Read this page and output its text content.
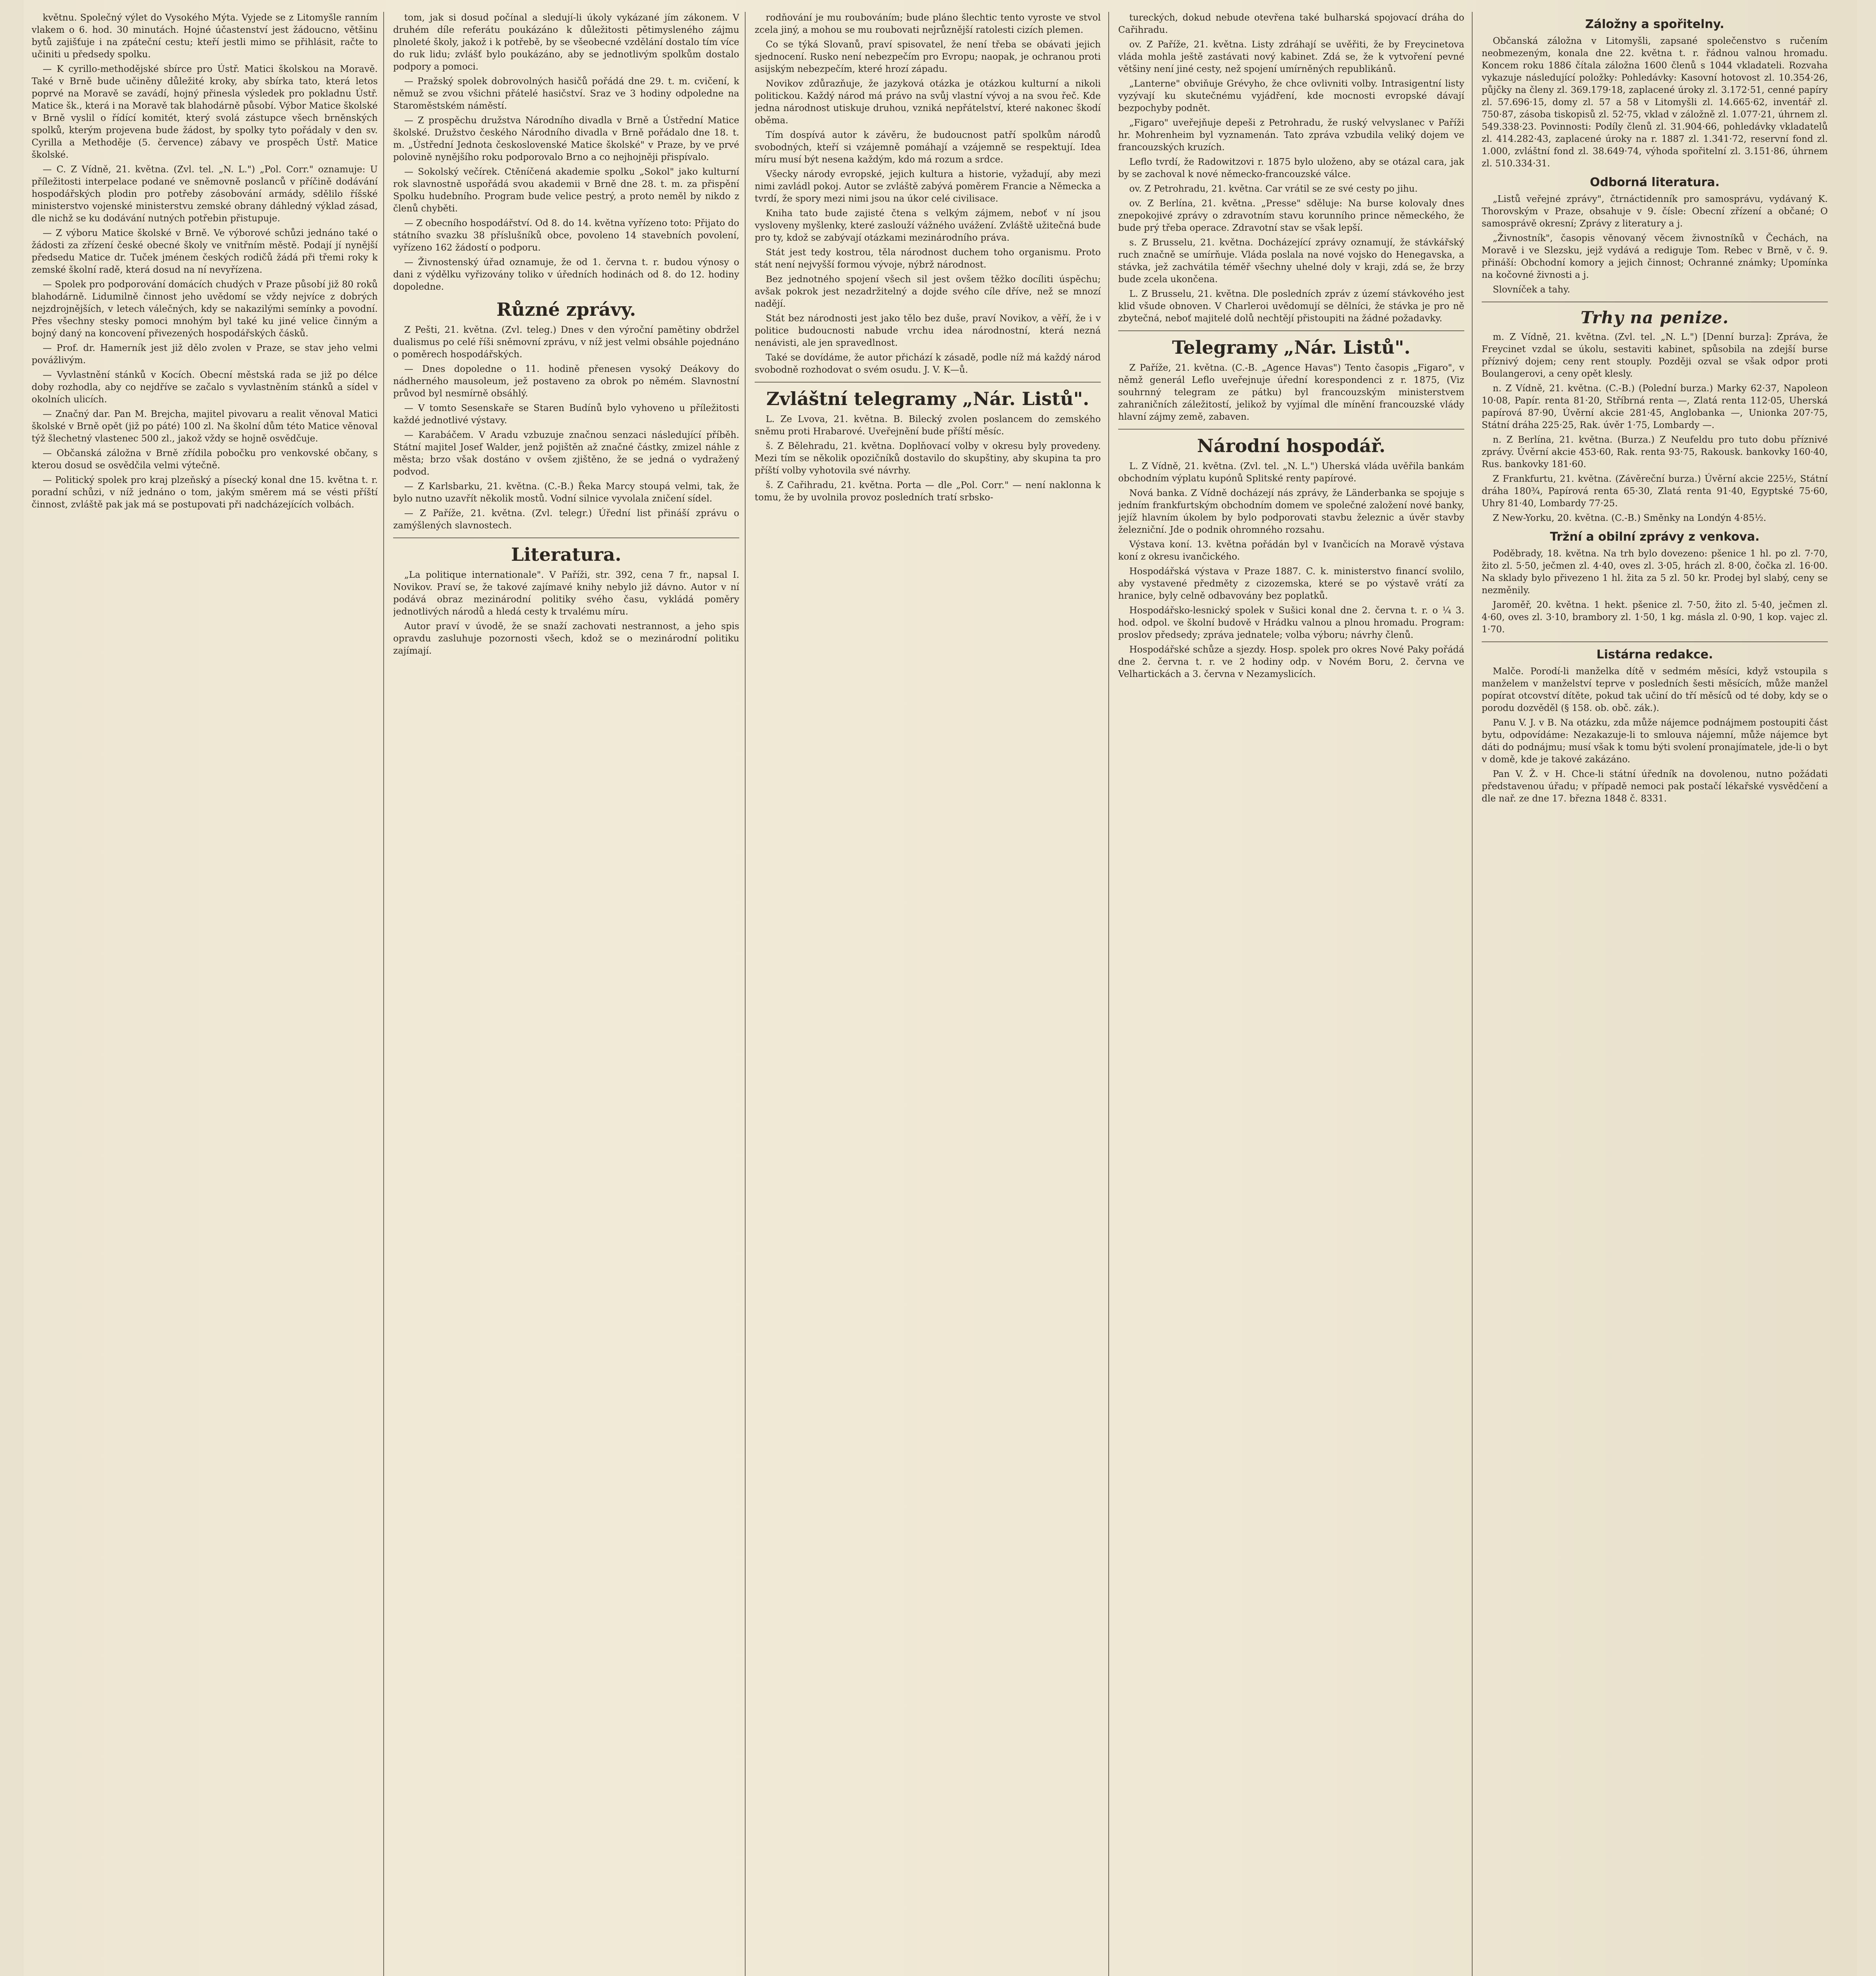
květnu. Společný výlet do Vysokého Mýta. Vyjede se z Litomyšle ranním vlakem o 6. hod. 30 minutách. Hojné účastenství jest žádoucno, většinu bytů zajišťuje i na zpáteční cestu; kteří jestli mimo se přihlásit, račte to učiniti u předsedy spolku.

— K cyrillo-methodějské sbírce pro Ústř. Matici školskou na Moravě. Také v Brně bude učiněny důležité kroky, aby sbírka tato, která letos poprvé na Moravě se zavádí, hojný přinesla výsledek pro pokladnu Ústř. Matice šk., která i na Moravě tak blahodárně působí. Výbor Matice školské v Brně vyslil o řídící komitét, který svolá zástupce všech brněnských spolků, kterým projevena bude žádost, by spolky tyto pořádaly v den sv. Cyrilla a Methoděje (5. července) zábavy ve prospěch Ústř. Matice školské.

— C. Z Vídně, 21. května. (Zvl. tel. „N. L.") „Pol. Corr." oznamuje: U příležitosti interpelace podané ve sněmovně poslanců v příčině dodávání hospodářských plodin pro potřeby zásobování armády, sdělilo říšské ministerstvo vojenské ministerstvu zemské obrany dáhledný výklad zásad, dle nichž se ku dodávání nutných potřebin přistupuje.

— Z výboru Matice školské v Brně. Ve výborové schůzi jednáno také o žádosti za zřízení české obecné školy ve vnitřním městě. Podají jí nynější předsedu Matice dr. Tuček jménem českých rodičů žádá při třemi roky k zemské školní radě, která dosud na ní nevyřízena.

— Spolek pro podporování domácích chudých v Praze působí již 80 roků blahodárně. Lidumilně činnost jeho uvědomí se vždy nejvíce z dobrých nejzdrojnějších, v letech válečných, kdy se nakazilými semínky a povodní. Přes všechny stesky pomoci mnohým byl také ku jiné velice činným a bojný daný na koncovení přivezených hospodářských čásků.

— Prof. dr. Hamerník jest již dělo zvolen v Praze, se stav jeho velmi povážlivým.

— Vyvlastnění stánků v Kocích. Obecní městská rada se již po délce doby rozhodla, aby co nejdříve se začalo s vyvlastněním stánků a sídel v okolních ulicích.

— Značný dar. Pan M. Brejcha, majitel pivovaru a realit věnoval Matici školské v Brně opět (již po páté) 100 zl. Na školní dům této Matice věnoval týž šlechetný vlastenec 500 zl., jakož vždy se hojně osvědčuje.

— Občanská záložna v Brně zřídila pobočku pro venkovské občany, s kterou dosud se osvědčila velmi výtečně.

— Politický spolek pro kraj plzeňský a písecký konal dne 15. května t. r. poradní schůzi, v níž jednáno o tom, jakým směrem má se vésti příští činnost, zvláště pak jak má se postupovati při nadcházejících volbách.

tom, jak si dosud počínal a sledují-li úkoly vykázané jím zákonem. V druhém díle referátu poukázáno k důležitosti pětimysleného zájmu plnoleté školy, jakož i k potřebě, by se všeobecné vzdělání dostalo tím více do ruk lidu; zvlášť bylo poukázáno, aby se jednotlivým spolkům dostalo podpory a pomoci.

— Pražský spolek dobrovolných hasičů pořádá dne 29. t. m. cvičení, k němuž se zvou všichni přátelé hasičství. Sraz ve 3 hodiny odpoledne na Staroměstském náměstí.

— Z prospěchu družstva Národního divadla v Brně a Ústřední Matice školské. Družstvo českého Národního divadla v Brně pořádalo dne 18. t. m. „Ústřední Jednota československé Matice školské" v Praze, by ve prvé polovině nynějšího roku podporovalo Brno a co nejhojněji přispívalo.

— Sokolský večírek. Ctěníčená akademie spolku „Sokol" jako kulturní rok slavnostně uspořádá svou akademii v Brně dne 28. t. m. za přispění Spolku hudebního. Program bude velice pestrý, a proto neměl by nikdo z členů chyběti.

— Z obecního hospodářství. Od 8. do 14. května vyřízeno toto: Přijato do státního svazku 38 příslušníků obce, povoleno 14 stavebních povolení, vyřízeno 162 žádostí o podporu.

— Živnostenský úřad oznamuje, že od 1. června t. r. budou výnosy o dani z výdělku vyřizovány toliko v úředních hodinách od 8. do 12. hodiny dopoledne.

Různé zprávy.

Z Pešti, 21. května. (Zvl. teleg.) Dnes v den výroční pamětiny obdržel dualismus po celé říši sněmovní zprávu, v níž jest velmi obsáhle pojednáno o poměrech hospodářských.

— Dnes dopoledne o 11. hodině přenesen vysoký Deákovy do nádherného mausoleum, jež postaveno za obrok po němém. Slavnostní průvod byl nesmírně obsáhlý.

— V tomto Sesenskaře se Staren Budínů bylo vyhoveno u příležitosti každé jednotlivé výstavy.

— Karabáčem. V Aradu vzbuzuje značnou senzaci následující příběh. Státní majitel Josef Walder, jenž pojištěn až značné částky, zmizel náhle z města; brzo však dostáno v ovšem zjištěno, že se jedná o vydražený podvod.

— Z Karlsbarku, 21. května. (C.-B.) Řeka Marcy stoupá velmi, tak, že bylo nutno uzavřít několik mostů. Vodní silnice vyvolala zničení sídel.

— Z Paříže, 21. května. (Zvl. telegr.) Úřední list přináší zprávu o zamýšlených slavnostech.

Literatura.

„La politique internationale". V Paříži, str. 392, cena 7 fr., napsal I. Novikov. Praví se, že takové zajímavé knihy nebylo již dávno. Autor v ní podává obraz mezinárodní politiky svého času, vykládá poměry jednotlivých národů a hledá cesty k trvalému míru.

Autor praví v úvodě, že se snaží zachovati nestrannost, a jeho spis opravdu zasluhuje pozornosti všech, kdož se o mezinárodní politiku zajímají.

rodňování je mu roubováním; bude pláno šlechtic tento vyroste ve stvol zcela jiný, a mohou se mu roubovati nejrůznější ratolesti cizích plemen.

Co se týká Slovanů, praví spisovatel, že není třeba se obávati jejich sjednocení. Rusko není nebezpečím pro Evropu; naopak, je ochranou proti asijským nebezpečím, které hrozí západu.

Novikov zdůrazňuje, že jazyková otázka je otázkou kulturní a nikoli politickou. Každý národ má právo na svůj vlastní vývoj a na svou řeč. Kde jedna národnost utiskuje druhou, vzniká nepřátelství, které nakonec škodí oběma.

Tím dospívá autor k závěru, že budoucnost patří spolkům národů svobodných, kteří si vzájemně pomáhají a vzájemně se respektují. Idea míru musí být nesena každým, kdo má rozum a srdce.

Všecky národy evropské, jejich kultura a historie, vyžadují, aby mezi nimi zavládl pokoj. Autor se zvláště zabývá poměrem Francie a Německa a tvrdí, že spory mezi nimi jsou na úkor celé civilisace.

Kniha tato bude zajisté čtena s velkým zájmem, neboť v ní jsou vysloveny myšlenky, které zaslouží vážného uvážení. Zvláště užitečná bude pro ty, kdož se zabývají otázkami mezinárodního práva.

Stát jest tedy kostrou, těla národnost duchem toho organismu. Proto stát není nejvyšší formou vývoje, nýbrž národnost.

Bez jednotného spojení všech sil jest ovšem těžko docíliti úspěchu; avšak pokrok jest nezadržitelný a dojde svého cíle dříve, než se mnozí nadějí.

Stát bez národnosti jest jako tělo bez duše, praví Novikov, a věří, že i v politice budoucnosti nabude vrchu idea národnostní, která nezná nenávisti, ale jen spravedlnost.

Také se dovídáme, že autor přichází k zásadě, podle níž má každý národ svobodně rozhodovat o svém osudu. J. V. K—ů.

Zvláštní telegramy „Nár. Listů".

L. Ze Lvova, 21. května. B. Bilecký zvolen poslancem do zemského sněmu proti Hrabarové. Uveřejnění bude příští měsíc.

š. Z Bělehradu, 21. května. Doplňovací volby v okresu byly provedeny. Mezi tím se několik opozičníků dostavilo do skupštiny, aby skupina ta pro příští volby vyhotovila své návrhy.

š. Z Cařihradu, 21. května. Porta — dle „Pol. Corr." — není naklonna k tomu, že by uvolnila provoz posledních tratí srbsko-

tureckých, dokud nebude otevřena také bulharská spojovací dráha do Cařihradu.

ov. Z Paříže, 21. května. Listy zdráhají se uvěřiti, že by Freycinetova vláda mohla ještě zastávati nový kabinet. Zdá se, že k vytvoření pevné většiny není jiné cesty, než spojení umírněných republikánů.

„Lanterne" obviňuje Grévyho, že chce ovlivniti volby. Intrasigentní listy vyzývají ku skutečnému vyjádření, kde mocnosti evropské dávají bezpochyby podnět.

„Figaro" uveřejňuje depeši z Petrohradu, že ruský velvyslanec v Paříži hr. Mohrenheim byl vyznamenán. Tato zpráva vzbudila veliký dojem ve francouzských kruzích.

Leflo tvrdí, že Radowitzovi r. 1875 bylo uloženo, aby se otázal cara, jak by se zachoval k nové německo-francouzské válce.

ov. Z Petrohradu, 21. května. Car vrátil se ze své cesty po jihu.

ov. Z Berlína, 21. května. „Presse" sděluje: Na burse kolovaly dnes znepokojivé zprávy o zdravotním stavu korunního prince německého, že bude prý třeba operace. Zdravotní stav se však lepší.

s. Z Brusselu, 21. května. Docházející zprávy oznamují, že stávkářský ruch značně se umírňuje. Vláda poslala na nové vojsko do Henegavska, a stávka, jež zachvátila téměř všechny uhelné doly v kraji, zdá se, že brzy bude zcela ukončena.

L. Z Brusselu, 21. května. Dle posledních zpráv z území stávkového jest klid všude obnoven. V Charleroi uvědomují se dělníci, že stávka je pro ně zbytečná, neboť majitelé dolů nechtějí přistoupiti na žádné požadavky.

Telegramy „Nár. Listů".

Z Paříže, 21. května. (C.-B. „Agence Havas") Tento časopis „Figaro", v němž generál Leflo uveřejnuje úřední korespondenci z r. 1875, (Viz souhrnný telegram ze pátku) byl francouzským ministerstvem zahraničních záležitostí, jelikož by vyjímal dle mínění francouzské vlády hlavní zájmy země, zabaven.

Národní hospodář.

L. Z Vídně, 21. května. (Zvl. tel. „N. L.") Uherská vláda uvěřila bankám obchodním výplatu kupónů Splitské renty papírové.

Nová banka. Z Vídně docházejí nás zprávy, že Länderbanka se spojuje s jedním frankfurtským obchodním domem ve společné založení nové banky, jejíž hlavním úkolem by bylo podporovati stavbu železnic a úvěr stavby železniční. Jde o podnik ohromného rozsahu.

Výstava koní. 13. května pořádán byl v Ivančicích na Moravě výstava koní z okresu ivančického.

Hospodářská výstava v Praze 1887. C. k. ministerstvo financí svolilo, aby vystavené předměty z cizozemska, které se po výstavě vrátí za hranice, byly celně odbavovány bez poplatků.

Hospodářsko-lesnický spolek v Sušici konal dne 2. června t. r. o ¼ 3. hod. odpol. ve školní budově v Hrádku valnou a plnou hromadu. Program: proslov předsedy; zpráva jednatele; volba výboru; návrhy členů.

Hospodářské schůze a sjezdy. Hosp. spolek pro okres Nové Paky pořádá dne 2. června t. r. ve 2 hodiny odp. v Novém Boru, 2. června ve Velhartickách a 3. června v Nezamyslicích.

Záložny a spořitelny.

Občanská záložna v Litomyšli, zapsané společenstvo s ručením neobmezeným, konala dne 22. května t. r. řádnou valnou hromadu. Koncem roku 1886 čítala záložna 1600 členů s 1044 vkladateli. Rozvaha vykazuje následující položky: Pohledávky: Kasovní hotovost zl. 10.354·26, půjčky na členy zl. 369.179·18, zaplacené úroky zl. 3.172·51, cenné papíry zl. 57.696·15, domy zl. 57 a 58 v Litomyšli zl. 14.665·62, inventář zl. 750·87, zásoba tiskopisů zl. 52·75, vklad v záložně zl. 1.077·21, úhrnem zl. 549.338·23. Povinnosti: Podíly členů zl. 31.904·66, pohledávky vkladatelů zl. 414.282·43, zaplacené úroky na r. 1887 zl. 1.341·72, reservní fond zl. 1.000, zvláštní fond zl. 38.649·74, výhoda spořitelní zl. 3.151·86, úhrnem zl. 510.334·31.

Odborná literatura.

„Listů veřejné zprávy", čtrnáctidenník pro samosprávu, vydávaný K. Thorovským v Praze, obsahuje v 9. čísle: Obecní zřízení a občané; O samosprávě okresní; Zprávy z literatury a j.

„Živnostník", časopis věnovaný věcem živnostníků v Čechách, na Moravě i ve Slezsku, jejž vydává a rediguje Tom. Rebec v Brně, v č. 9. přináší: Obchodní komory a jejich činnost; Ochranné známky; Upomínka na kočovné živnosti a j.

Slovníček a tahy.

Trhy na penize.

m. Z Vídně, 21. května. (Zvl. tel. „N. L.") [Denní burza]: Zpráva, že Freycinet vzdal se úkolu, sestaviti kabinet, spůsobila na zdejší burse příznivý dojem; ceny rent stouply. Později ozval se však odpor proti Boulangerovi, a ceny opět klesly.

n. Z Vídně, 21. května. (C.-B.) (Polední burza.) Marky 62·37, Napoleon 10·08, Papír. renta 81·20, Stříbrná renta —, Zlatá renta 112·05, Uherská papírová 87·90, Úvěrní akcie 281·45, Anglobanka —, Unionka 207·75, Státní dráha 225·25, Rak. úvěr 1·75, Lombardy —.

n. Z Berlína, 21. května. (Burza.) Z Neufeldu pro tuto dobu příznivé zprávy. Úvěrní akcie 453·60, Rak. renta 93·75, Rakousk. bankovky 160·40, Rus. bankovky 181·60.

Z Frankfurtu, 21. května. (Závěreční burza.) Úvěrní akcie 225½, Státní dráha 180¾, Papírová renta 65·30, Zlatá renta 91·40, Egyptské 75·60, Uhry 81·40, Lombardy 77·25.

Z New-Yorku, 20. května. (C.-B.) Směnky na Londýn 4·85½.

Tržní a obilní zprávy z venkova.

Poděbrady, 18. května. Na trh bylo dovezeno: pšenice 1 hl. po zl. 7·70, žito zl. 5·50, ječmen zl. 4·40, oves zl. 3·05, hrách zl. 8·00, čočka zl. 16·00. Na sklady bylo přivezeno 1 hl. žita za 5 zl. 50 kr. Prodej byl slabý, ceny se nezměnily.

Jaroměř, 20. května. 1 hekt. pšenice zl. 7·50, žito zl. 5·40, ječmen zl. 4·60, oves zl. 3·10, brambory zl. 1·50, 1 kg. másla zl. 0·90, 1 kop. vajec zl. 1·70.

Listárna redakce.

Malče. Porodí-li manželka dítě v sedmém měsíci, když vstoupila s manželem v manželství teprve v posledních šesti měsících, může manžel popírat otcovství dítěte, pokud tak učiní do tří měsíců od té doby, kdy se o porodu dozvěděl (§ 158. ob. obč. zák.).

Panu V. J. v B. Na otázku, zda může nájemce podnájmem postoupiti část bytu, odpovídáme: Nezakazuje-li to smlouva nájemní, může nájemce byt dáti do podnájmu; musí však k tomu býti svolení pronajímatele, jde-li o byt v domě, kde je takové zakázáno.

Pan V. Ž. v H. Chce-li státní úředník na dovolenou, nutno požádati představenou úřadu; v případě nemoci pak postačí lékařské vysvědčení a dle nař. ze dne 17. března 1848 č. 8331.
